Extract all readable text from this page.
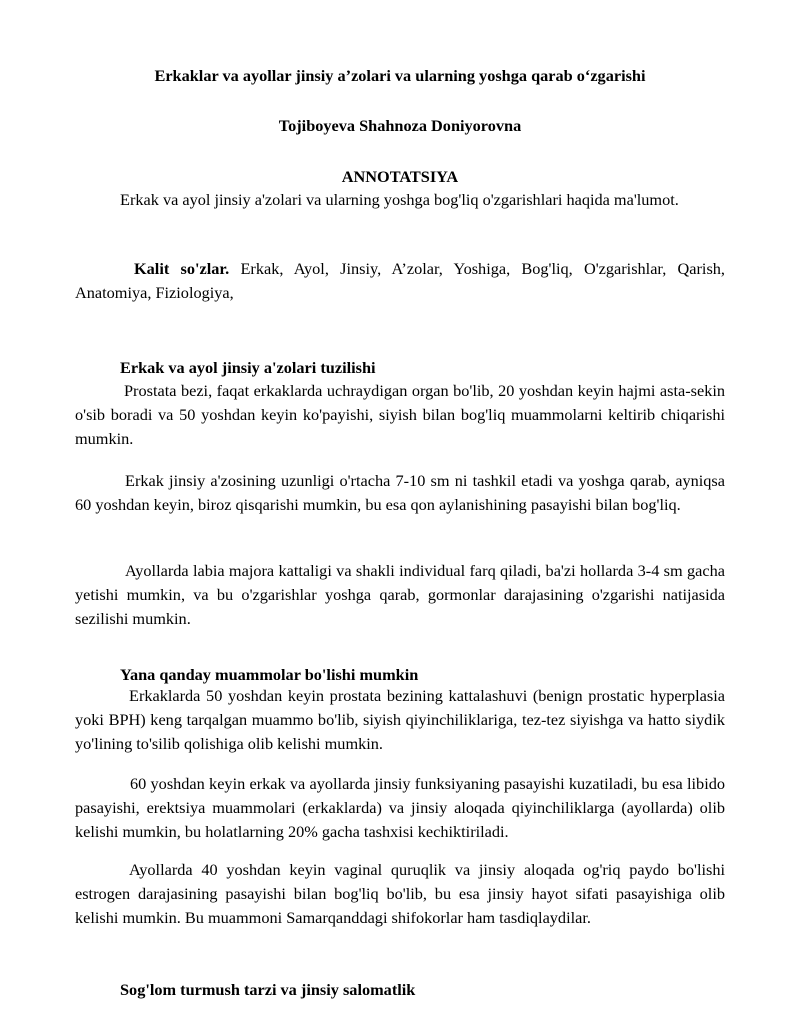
Erkaklar va ayollar jinsiy a’zolari va ularning yoshga qarab o‘zgarishi

Tojiboyeva Shahnoza Doniyorovna

ANNOTATSIYA

Erkak va ayol jinsiy a'zolari va ularning yoshga bog'liq o'zgarishlari haqida ma'lumot.

Kalit so'zlar. Erkak, Ayol, Jinsiy, A’zolar, Yoshiga, Bog'liq, O'zgarishlar, Qarish, Anatomiya, Fiziologiya,

Erkak va ayol jinsiy a'zolari tuzilishi

Prostata bezi, faqat erkaklarda uchraydigan organ bo'lib, 20 yoshdan keyin hajmi asta-sekin o'sib boradi va 50 yoshdan keyin ko'payishi, siyish bilan bog'liq muammolarni keltirib chiqarishi mumkin.

Erkak jinsiy a'zosining uzunligi o'rtacha 7-10 sm ni tashkil etadi va yoshga qarab, ayniqsa 60 yoshdan keyin, biroz qisqarishi mumkin, bu esa qon aylanishining pasayishi bilan bog'liq.

Ayollarda labia majora kattaligi va shakli individual farq qiladi, ba'zi hollarda 3-4 sm gacha yetishi mumkin, va bu o'zgarishlar yoshga qarab, gormonlar darajasining o'zgarishi natijasida sezilishi mumkin.

Yana qanday muammolar bo'lishi mumkin

Erkaklarda 50 yoshdan keyin prostata bezining kattalashuvi (benign prostatic hyperplasia yoki BPH) keng tarqalgan muammo bo'lib, siyish qiyinchiliklariga, tez-tez siyishga va hatto siydik yo'lining to'silib qolishiga olib kelishi mumkin.

60 yoshdan keyin erkak va ayollarda jinsiy funksiyaning pasayishi kuzatiladi, bu esa libido pasayishi, erektsiya muammolari (erkaklarda) va jinsiy aloqada qiyinchiliklarga (ayollarda) olib kelishi mumkin, bu holatlarning 20% gacha tashxisi kechiktiriladi.

Ayollarda 40 yoshdan keyin vaginal quruqlik va jinsiy aloqada og'riq paydo bo'lishi estrogen darajasining pasayishi bilan bog'liq bo'lib, bu esa jinsiy hayot sifati pasayishiga olib kelishi mumkin. Bu muammoni Samarqanddagi shifokorlar ham tasdiqlaydilar.

Sog'lom turmush tarzi va jinsiy salomatlik
